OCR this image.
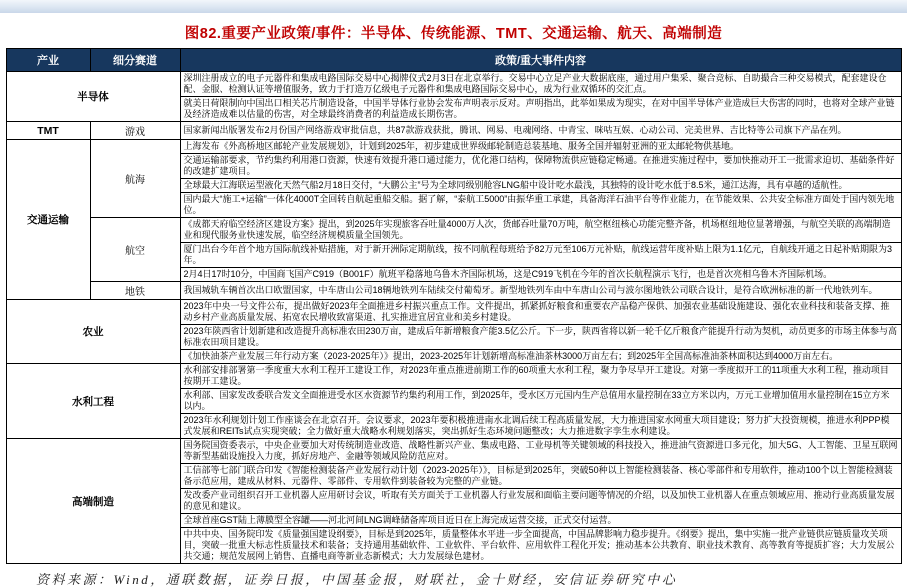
图82.重要产业政策/事件：半导体、传统能源、TMT、交通运输、航天、高端制造
产业	细分赛道	政策/重大事件内容
半导体		深圳注册成立的电子元器件和集成电路国际交易中心揭牌仪式2月3日在北京举行。交易中心立足产业大数据底座，通过用户集采、聚合竞标、自助撮合三种交易模式，配套建设仓配、金服、检测认证等增值服务，致力于打造万亿级电子元器件和集成电路国际交易中心，成为行业双循环的交汇点。
		就美日荷限制向中国出口相关芯片制造设备，中国半导体行业协会发布声明表示反对。声明指出，此举如果成为现实，在对中国半导体产业造成巨大伤害的同时，也将对全球产业链及经济造成难以估量的伤害，对全球最终消费者的利益造成长期伤害。
TMT	游戏	国家新闻出版署发布2月份国产网络游戏审批信息，共87款游戏获批，腾讯、网易、电魂网络、中青宝、咪咕互娱、心动公司、完美世界、吉比特等公司旗下产品在列。
交通运输	航海	上海发布《外高桥地区邮轮产业发展规划》，计划到2025年，初步建成世界级邮轮制造总装基地、服务全国并辐射亚洲的亚太邮轮物供基地。
		交通运输部要求，节约集约利用港口资源，快速有效提升港口通过能力，优化港口结构，保障物流供应链稳定畅通。在推进实施过程中，要加快推动开工一批需求迫切、基础条件好的改建扩建项目。
		全球最大江海联运型液化天然气船2月18日交付，“大鹏公主”号为全球同级别舱容LNG船中设计吃水最浅，其独特的设计吃水低于8.5米，通江达海，具有卓越的适航性。
		国内最大“施工+运输”一体化4000T全回转自航起重船交船。据了解，“泰航工5000”由振华重工承建，具备海洋石油平台等作业能力，在节能效果、公共安全标准方面处于国内领先地位。
	航空	《成都天府临空经济区建设方案》提出，到2025年实现旅客吞吐量4000万人次，货邮吞吐量70万吨，航空枢纽核心功能完整齐备，机场枢纽地位显著增强，与航空关联的高端制造业和现代服务业快速发展，临空经济规模质量全国领先。
		厦门出台今年首个地方国际航线补贴措施，对于新开洲际定期航线，按不同航程每班给予82万元至106万元补贴，航线运营年度补贴上限为1.1亿元，自航线开通之日起补贴期限为3年。
		2月4日17时10分，中国商飞国产C919（B001F）航班平稳落地乌鲁木齐国际机场，这是C919飞机在今年的首次长航程演示飞行，也是首次亮相乌鲁木齐国际机场。
	地铁	我国城轨车辆首次出口欧盟国家，中车唐山公司18辆地铁列车陆续交付葡萄牙。新型地铁列车由中车唐山公司与波尔图地铁公司联合设计，是符合欧洲标准的新一代地铁列车。
农业		2023年中央一号文件公布，提出做好2023年全面推进乡村振兴重点工作。文件提出，抓紧抓好粮食和重要农产品稳产保供、加强农业基础设施建设、强化农业科技和装备支撑、推动乡村产业高质量发展、拓宽农民增收致富渠道、扎实推进宜居宜业和美乡村建设。
		2023年陕西省计划新建和改造提升高标准农田230万亩，建成后年新增粮食产能3.5亿公斤。下一步，陕西省将以新一轮千亿斤粮食产能提升行动为契机，动员更多的市场主体参与高标准农田项目建设。
		《加快油茶产业发展三年行动方案（2023-2025年）》提出，2023-2025年计划新增高标准油茶林3000万亩左右；到2025年全国高标准油茶林面积达到4000万亩左右。
水利工程		水利部安排部署第一季度重大水利工程开工建设工作，对2023年重点推进前期工作的60项重大水利工程，聚力争尽早开工建设。对第一季度拟开工的11项重大水利工程，推动项目按期开工建设。
		水利部、国家发改委联合发文全面推进受水区水资源节约集约利用工作，到2025年，受水区万元国内生产总值用水量控制在33立方米以内，万元工业增加值用水量控制在15立方米以内。
		2023年水利规划计划工作座谈会在北京召开。会议要求，2023年要积极推进南水北调后续工程高质量发展，大力推进国家水网重大项目建设；努力扩大投资规模，推进水利PPP模式发展和REITs试点实现突破；全力做好重大战略水利规划落实，突出抓好生态环境问题整改；大力推进数字孪生水利建设。
高端制造		国务院国资委表示，中央企业要加大对传统制造业改造、战略性新兴产业、集成电路、工业母机等关键领域的科技投入，推进油气资源进口多元化，加大5G、人工智能、卫星互联网等新型基础设施投入力度，抓好房地产、金融等领域风险防范应对。
		工信部等七部门联合印发《智能检测装备产业发展行动计划（2023-2025年）》，目标是到2025年，突破50种以上智能检测装备、核心零部件和专用软件，推动100个以上智能检测装备示范应用，建成从材料、元器件、零部件、专用软件到装备较为完整的产业链。
		发改委产业司组织召开工业机器人应用研讨会议，听取有关方面关于工业机器人行业发展和面临主要问题等情况的介绍，以及加快工业机器人在重点领域应用、推动行业高质量发展的意见和建议。
		全球首座GST陆上薄膜型全容罐——河北河间LNG调峰储备库项目近日在上海完成运营交接，正式交付运营。
		中共中央、国务院印发《质量强国建设纲要》，目标是到2025年，质量整体水平进一步全面提高，中国品牌影响力稳步提升。《纲要》提出，集中实施一批产业链供应链质量攻关项目，突破一批重大标志性质量技术和装备；支持通用基础软件、工业软件、平台软件、应用软件工程化开发；推动基本公共教育、职业技术教育、高等教育等提质扩容；大力发展公共交通；规范发展网上销售、直播电商等新业态新模式；大力发展绿色建材。
资料来源：Wind，通联数据，证券日报，中国基金报，财联社，金十财经，安信证券研究中心
